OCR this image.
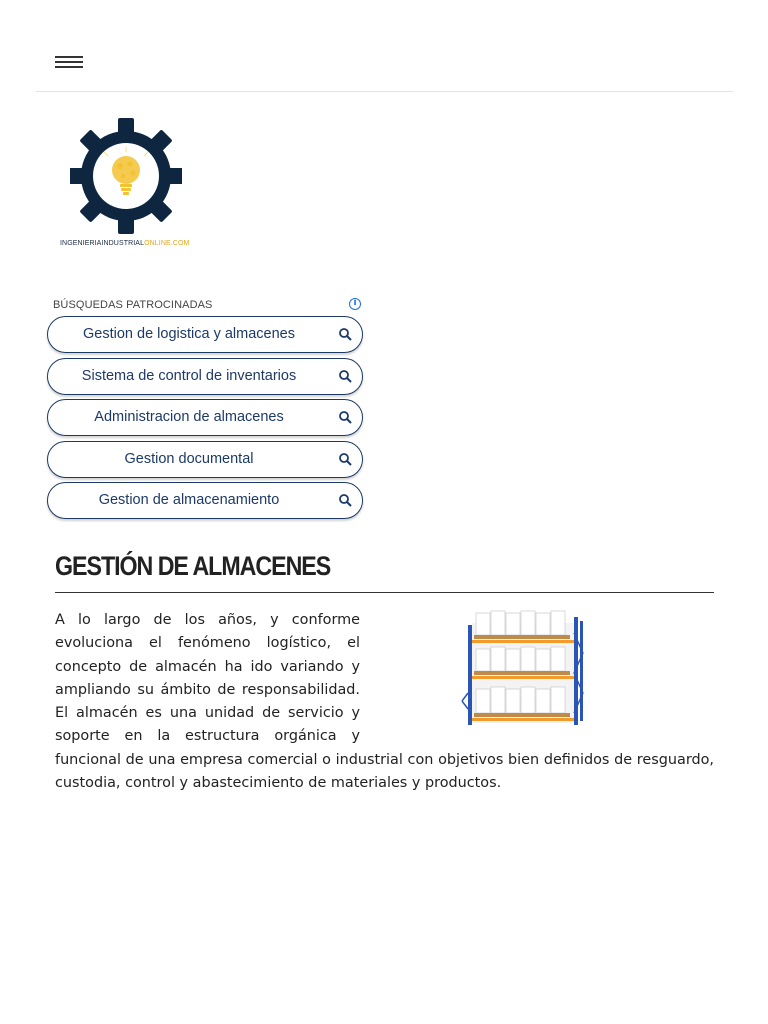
INGENIERIAINDUSTRIALONLINE.COM
BÚSQUEDAS PATROCINADAS	i
Gestion de logistica y almacenes
Sistema de control de inventarios
Administracion de almacenes
Gestion documental
Gestion de almacenamiento
GESTIÓN DE ALMACENES
A lo largo de los años, y conforme evoluciona el fenómeno logístico, el concepto de almacén ha ido variando y ampliando su ámbito de responsabilidad. El almacén es una unidad de servicio y soporte en la estructura orgánica y funcional de una empresa comercial o industrial con objetivos bien definidos de resguardo, custodia, control y abastecimiento de materiales y productos.
